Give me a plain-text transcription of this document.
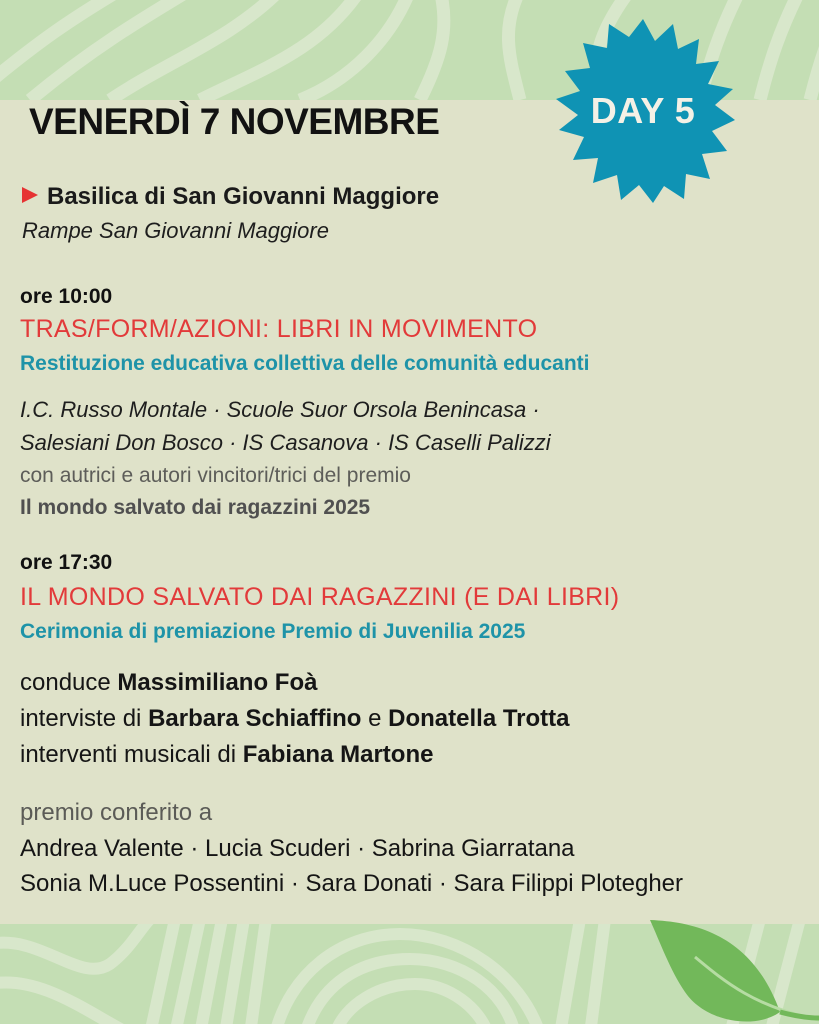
DAY 5
VENERDÌ 7 NOVEMBRE
Basilica di San Giovanni Maggiore
Rampe San Giovanni Maggiore
ore 10:00
TRAS/FORM/AZIONI: LIBRI IN MOVIMENTO
Restituzione educativa collettiva delle comunità educanti
I.C. Russo Montale · Scuole Suor Orsola Benincasa ·
Salesiani Don Bosco · IS Casanova · IS Caselli Palizzi
con autrici e autori vincitori/trici del premio
Il mondo salvato dai ragazzini 2025
ore 17:30
IL MONDO SALVATO DAI RAGAZZINI (E DAI LIBRI)
Cerimonia di premiazione Premio di Juvenilia 2025
conduce Massimiliano Foà
interviste di Barbara Schiaffino e Donatella Trotta
interventi musicali di Fabiana Martone
premio conferito a
Andrea Valente · Lucia Scuderi · Sabrina Giarratana
Sonia M.Luce Possentini · Sara Donati · Sara Filippi Plotegher
